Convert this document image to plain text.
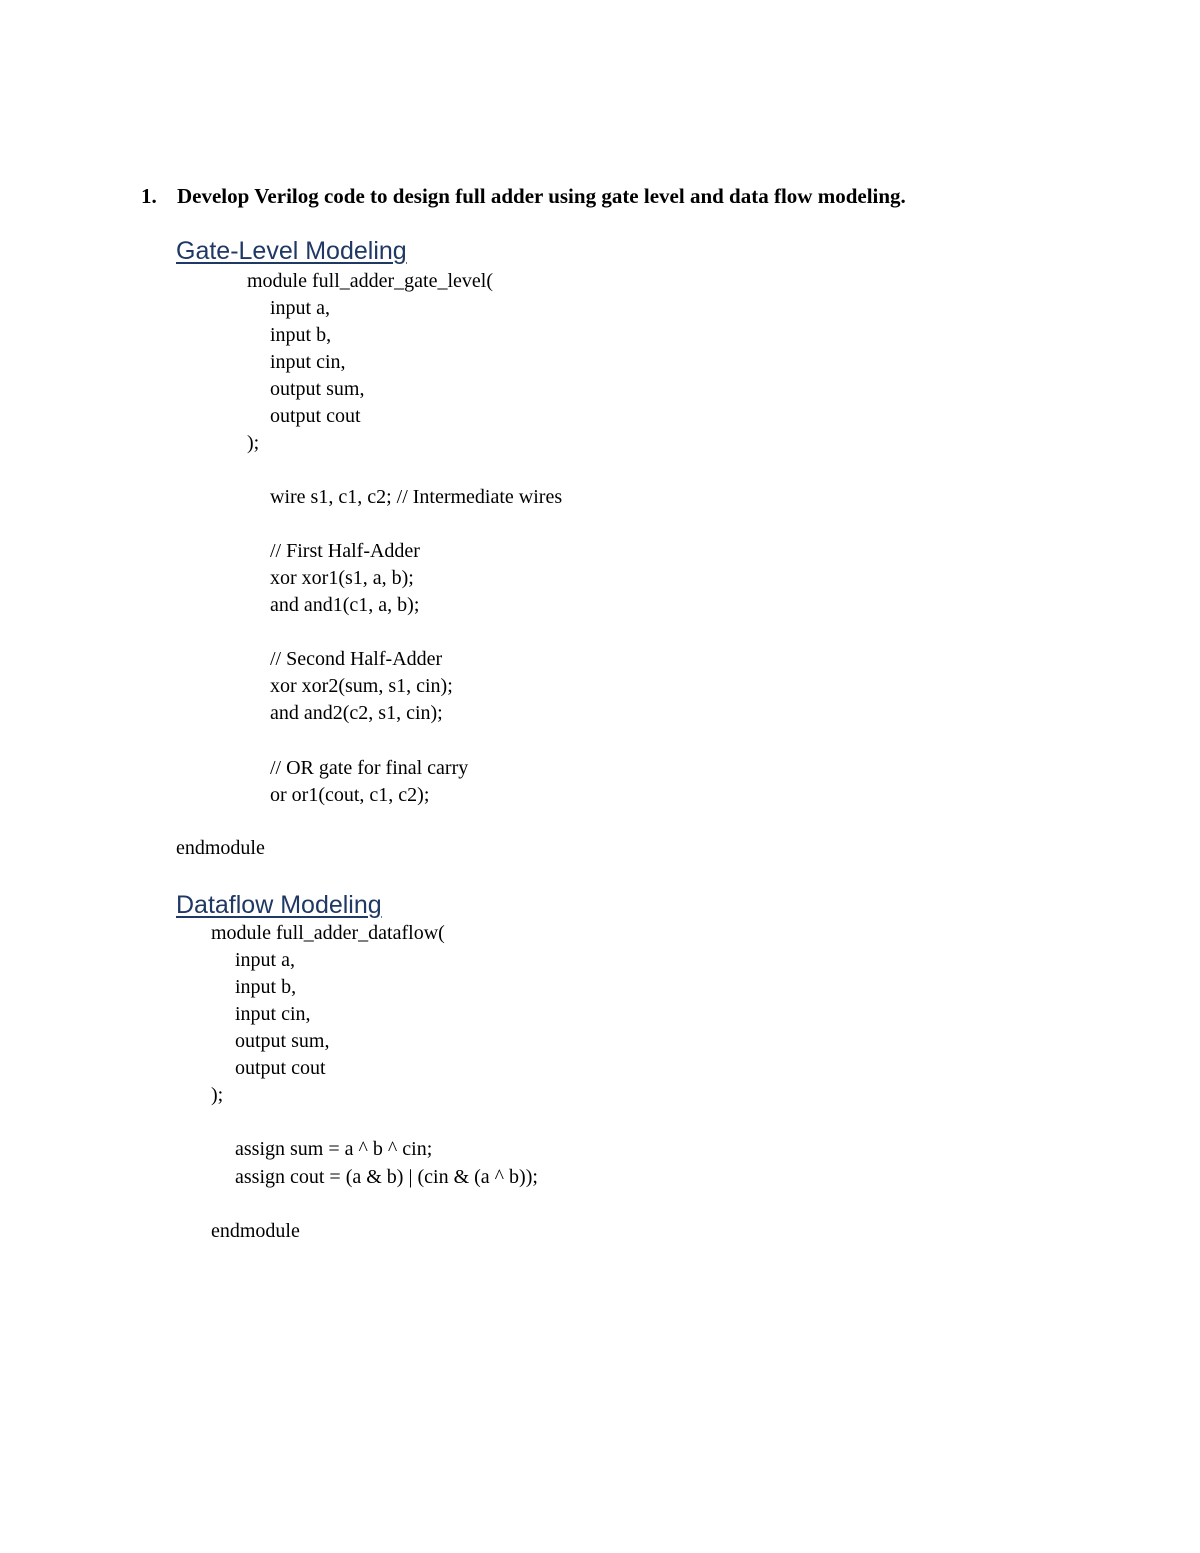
1. Develop Verilog code to design full adder using gate level and data flow modeling.
Gate-Level Modeling
module full_adder_gate_level(
input a,
input b,
input cin,
output sum,
output cout
);
wire s1, c1, c2; // Intermediate wires
// First Half-Adder
xor xor1(s1, a, b);
and and1(c1, a, b);
// Second Half-Adder
xor xor2(sum, s1, cin);
and and2(c2, s1, cin);
// OR gate for final carry
or or1(cout, c1, c2);
endmodule
Dataflow Modeling
module full_adder_dataflow(
input a,
input b,
input cin,
output sum,
output cout
);
assign sum = a ^ b ^ cin;
assign cout = (a & b) | (cin & (a ^ b));
endmodule
